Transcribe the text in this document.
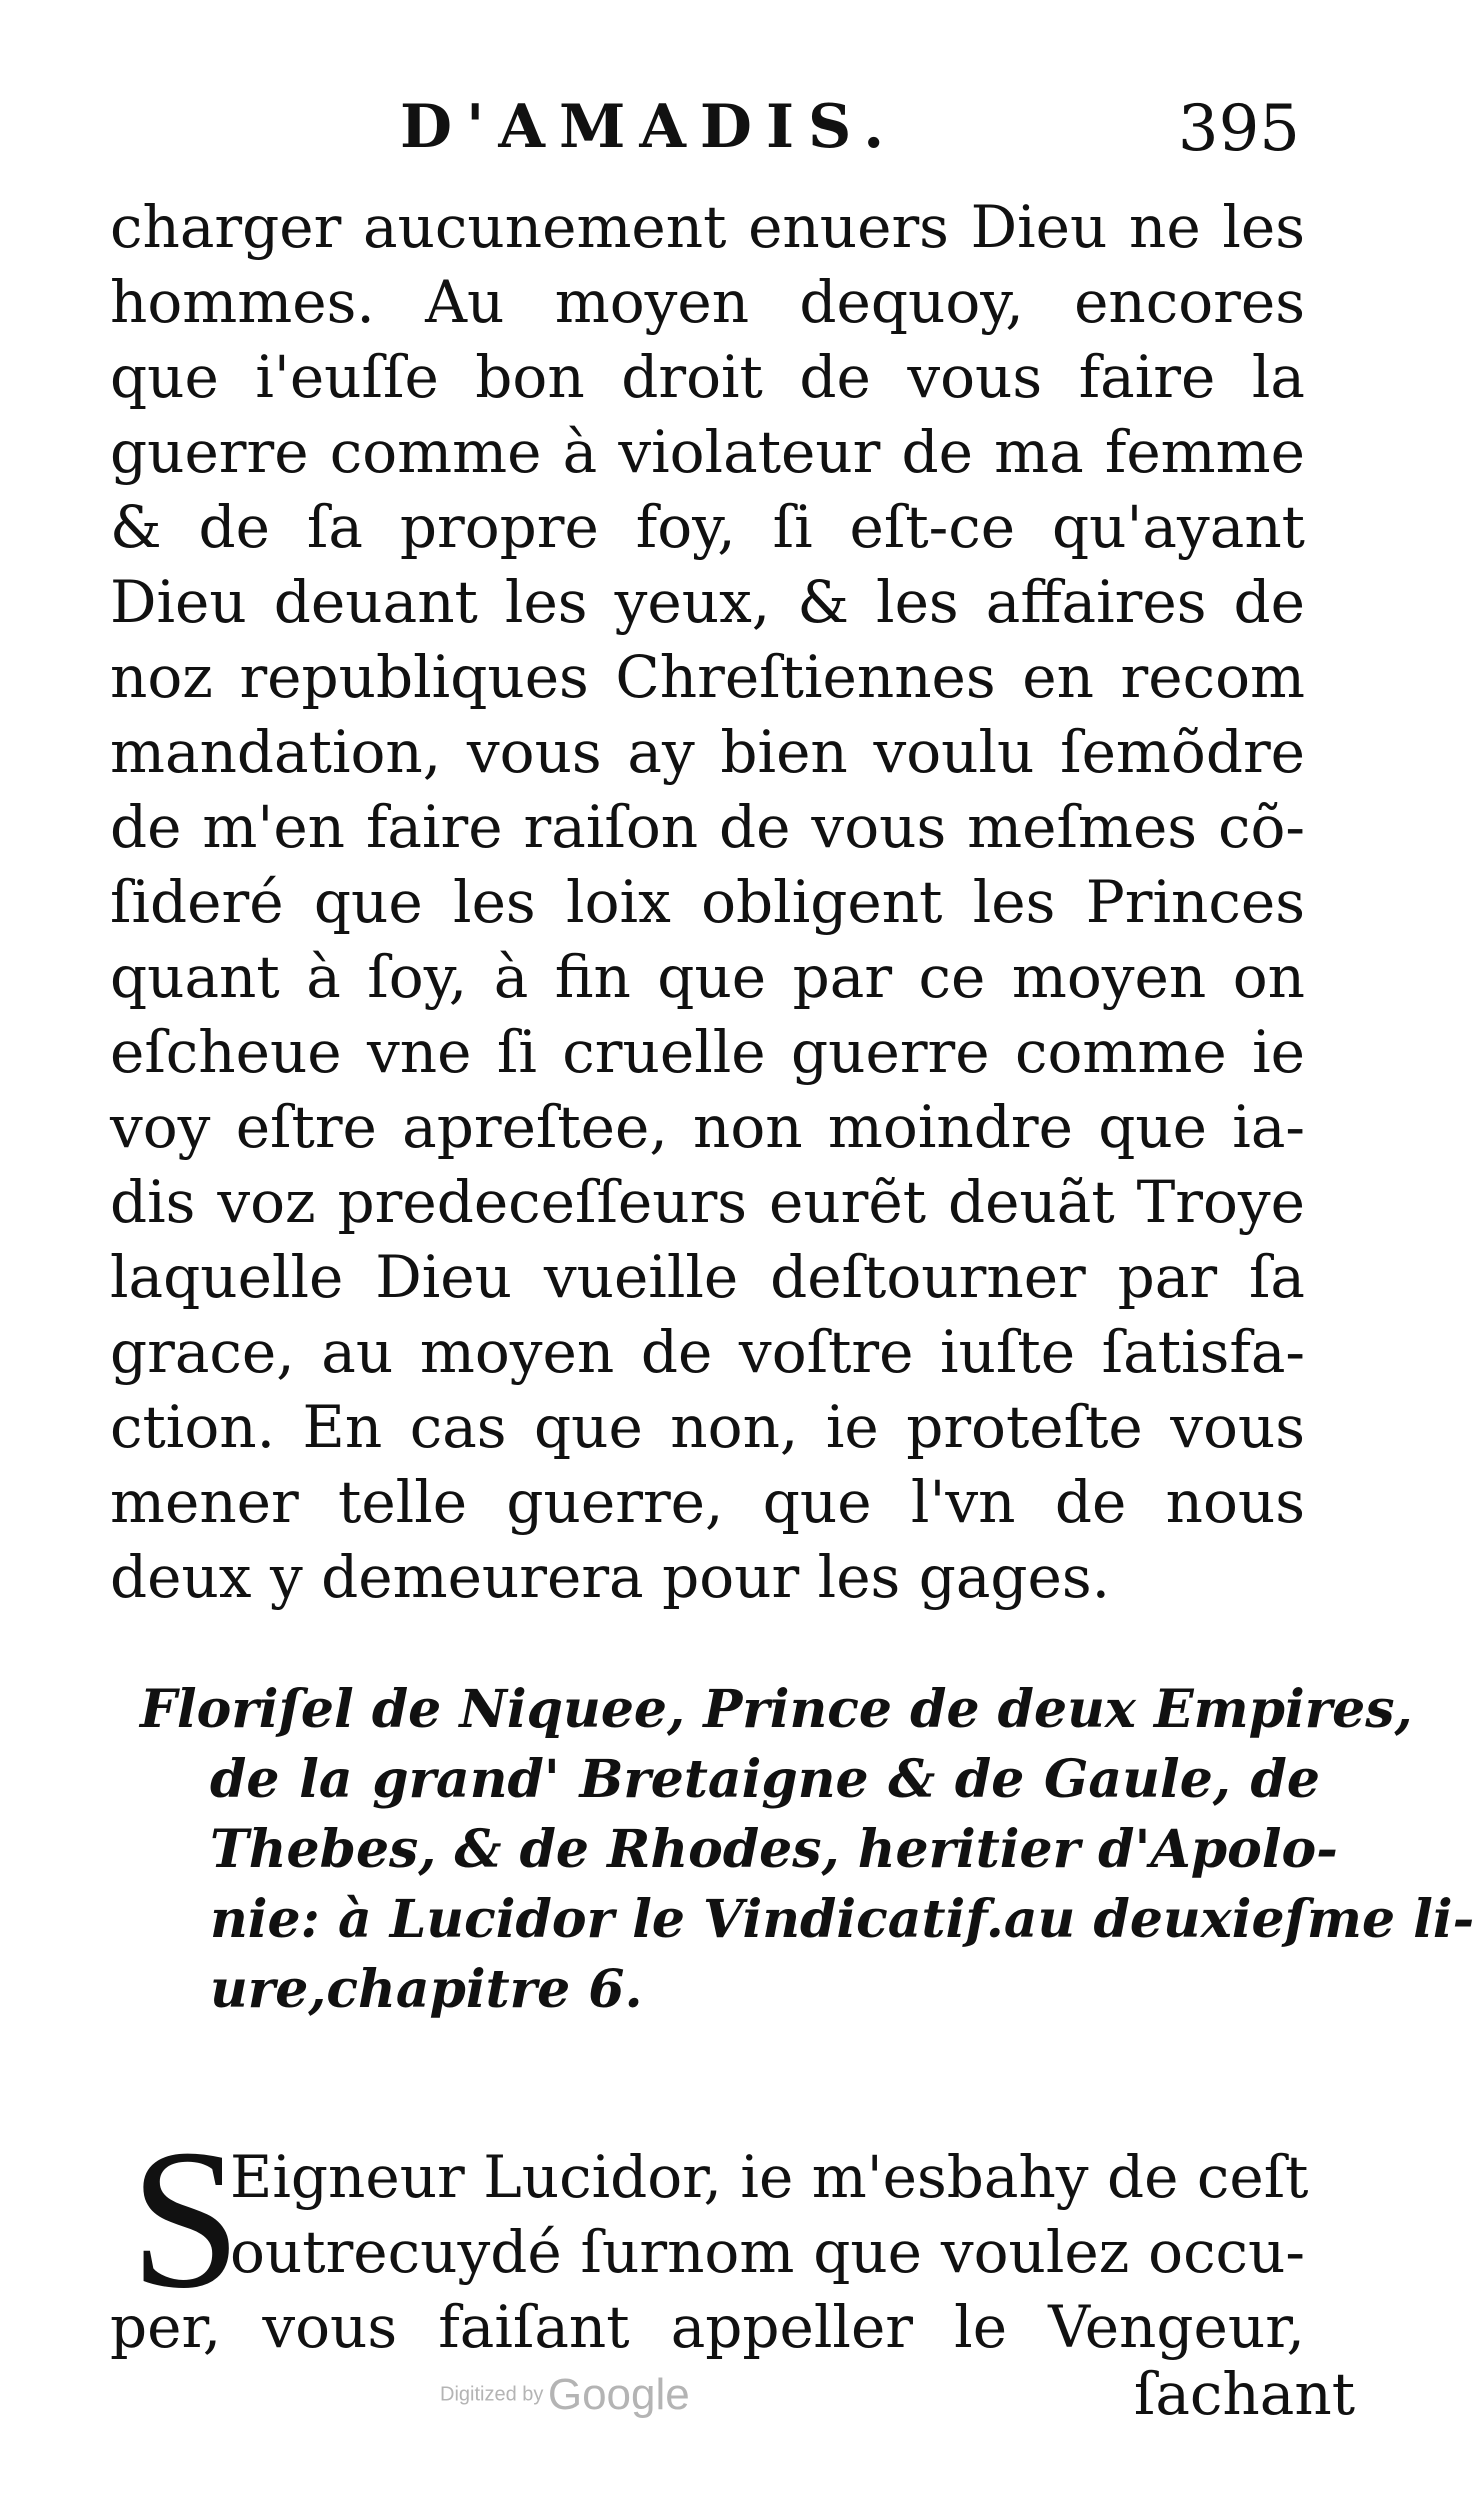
D'AMADIS.	395
charger aucunement enuers Dieu ne les
hommes. Au moyen dequoy, encores
que i'euſſe bon droit de vous faire la
guerre comme à violateur de ma femme
& de ſa propre foy, ſi eſt-ce qu'ayant
Dieu deuant les yeux, & les affaires de
noz republiques Chreſtiennes en recom
mandation, vous ay bien voulu ſemõdre
de m'en faire raiſon de vous meſmes cõ-
ſideré que les loix obligent les Princes
quant à ſoy, à fin que par ce moyen on
eſcheue vne ſi cruelle guerre comme ie
voy eſtre apreſtee, non moindre que ia-
dis voz predeceſſeurs eurẽt deuãt Troye
laquelle Dieu vueille deſtourner par ſa
grace, au moyen de voſtre iuſte ſatisfa-
ction. En cas que non, ie proteſte vous
mener telle guerre, que l'vn de nous
deux y demeurera pour les gages.
Floriſel de Niquee, Prince de deux Empires,
de la grand' Bretaigne & de Gaule, de
Thebes, & de Rhodes, heritier d'Apolo-
nie: à Lucidor le Vindicatif.au deuxieſme li-
ure,chapitre 6.
S
Eigneur Lucidor, ie m'esbahy de ceſt
outrecuydé ſurnom que voulez occu-
per, vous faiſant appeller le Vengeur,
ſachant
Digitized by Google
